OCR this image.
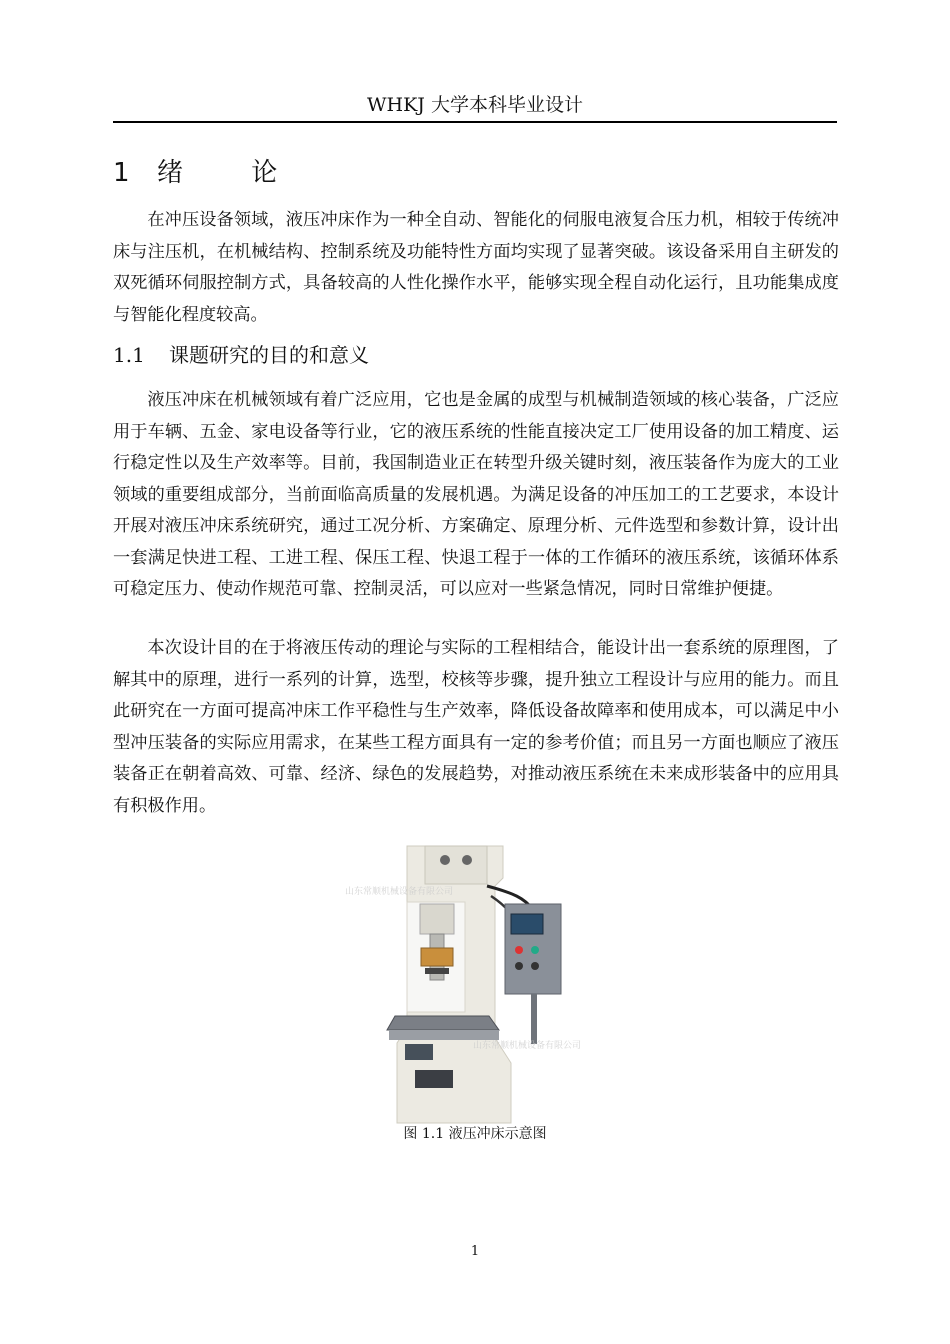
WHKJ 大学本科毕业设计
1 绪 论

在冲压设备领域，液压冲床作为一种全自动、智能化的伺服电液复合压力机，相较于传统冲床与注压机，在机械结构、控制系统及功能特性方面均实现了显著突破。该设备采用自主研发的双死循环伺服控制方式，具备较高的人性化操作水平，能够实现全程自动化运行，且功能集成度与智能化程度较高。

1.1 课题研究的目的和意义

液压冲床在机械领域有着广泛应用，它也是金属的成型与机械制造领域的核心装备，广泛应用于车辆、五金、家电设备等行业，它的液压系统的性能直接决定工厂使用设备的加工精度、运行稳定性以及生产效率等。目前，我国制造业正在转型升级关键时刻，液压装备作为庞大的工业领域的重要组成部分，当前面临高质量的发展机遇。为满足设备的冲压加工的工艺要求，本设计开展对液压冲床系统研究，通过工况分析、方案确定、原理分析、元件选型和参数计算，设计出一套满足快进工程、工进工程、保压工程、快退工程于一体的工作循环的液压系统，该循环体系可稳定压力、使动作规范可靠、控制灵活，可以应对一些紧急情况，同时日常维护便捷。

本次设计目的在于将液压传动的理论与实际的工程相结合，能设计出一套系统的原理图，了解其中的原理，进行一系列的计算，选型，校核等步骤，提升独立工程设计与应用的能力。而且此研究在一方面可提高冲床工作平稳性与生产效率，降低设备故障率和使用成本，可以满足中小型冲压装备的实际应用需求，在某些工程方面具有一定的参考价值；而且另一方面也顺应了液压装备正在朝着高效、可靠、经济、绿色的发展趋势，对推动液压系统在未来成形装备中的应用具有积极作用。

山东常顺机械设备有限公司
山东常顺机械设备有限公司
图 1.1 液压冲床示意图
1
